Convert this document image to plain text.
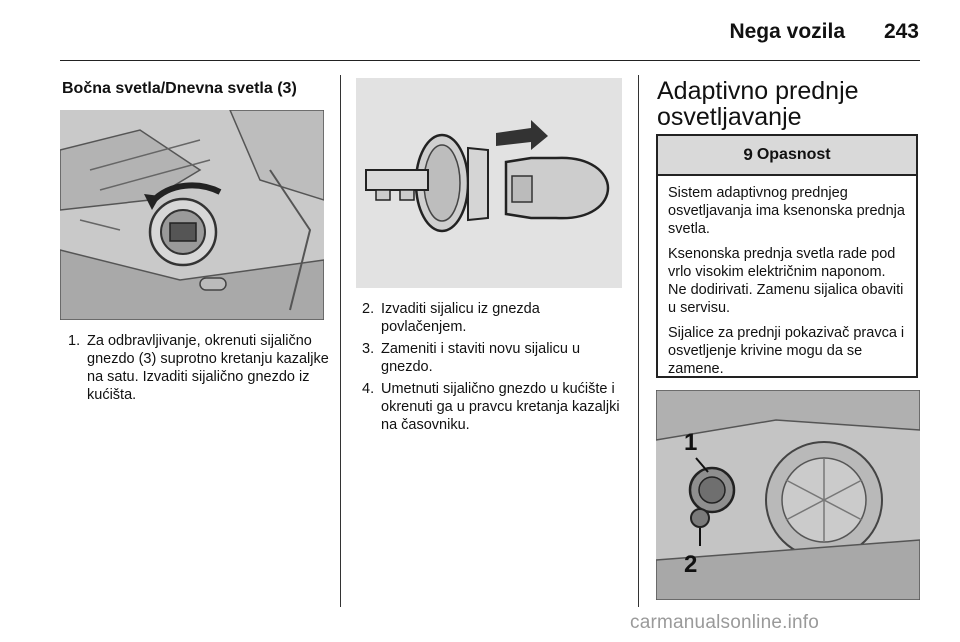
Nega vozila 243
Bočna svetla/Dnevna svetla (3)
1. Za odbravljivanje, okrenuti sijalično gnezdo (3) suprotno kretanju kazaljke na satu. Izvaditi sijalično gnezdo iz kućišta.
2. Izvaditi sijalicu iz gnezda povlačenjem.
3. Zameniti i staviti novu sijalicu u gnezdo.
4. Umetnuti sijalično gnezdo u kućište i okrenuti ga u pravcu kretanja kazaljki na časovniku.
Adaptivno prednje osvetljavanje
9 Opasnost

Sistem adaptivnog prednjeg osvetljavanja ima ksenonska prednja svetla.

Ksenonska prednja svetla rade pod vrlo visokim električnim naponom. Ne dodirivati. Zamenu sijalica obaviti u servisu.

Sijalice za prednji pokazivač pravca i osvetljenje krivine mogu da se zamene.

1
2
carmanualsonline.info
